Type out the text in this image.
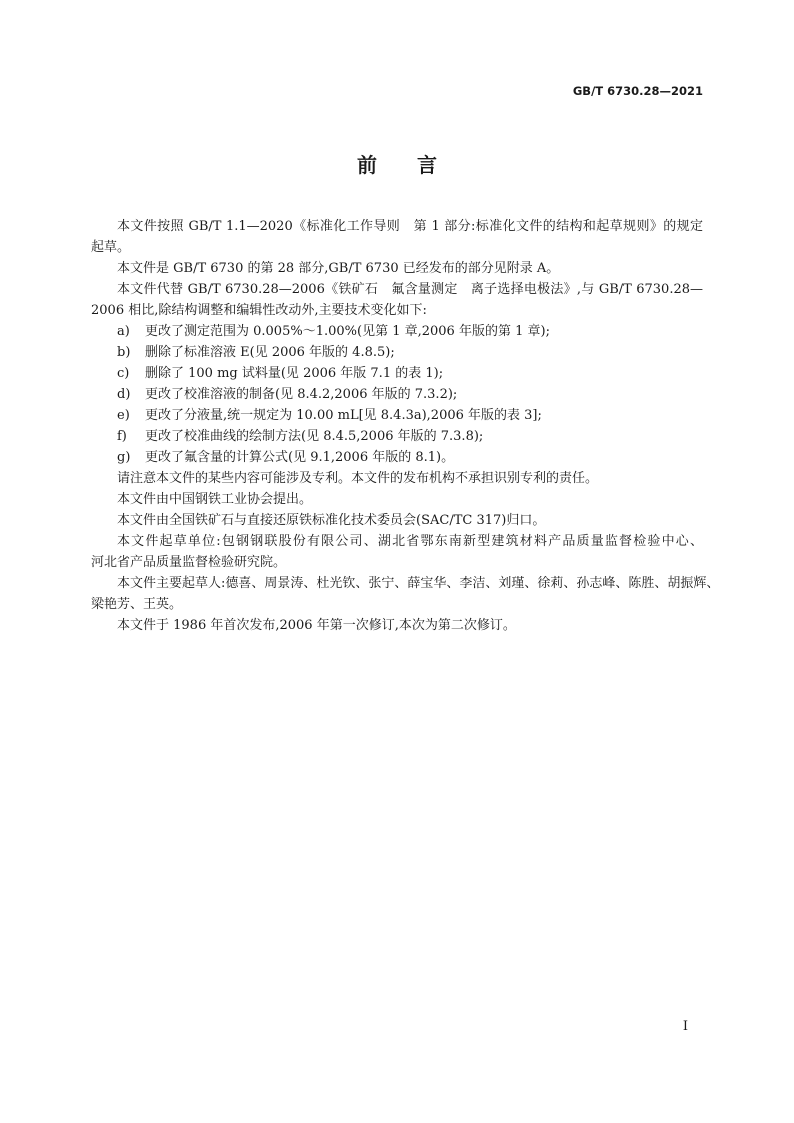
GB/T 6730.28—2021
前　言
本文件按照 GB/T 1.1—2020《标准化工作导则　第 1 部分:标准化文件的结构和起草规则》的规定
起草。
本文件是 GB/T 6730 的第 28 部分,GB/T 6730 已经发布的部分见附录 A。
本文件代替 GB/T 6730.28—2006《铁矿石　氟含量测定　离子选择电极法》,与 GB/T 6730.28—
2006 相比,除结构调整和编辑性改动外,主要技术变化如下:
a) 更改了测定范围为 0.005%～1.00%(见第 1 章,2006 年版的第 1 章);
b) 删除了标准溶液 E(见 2006 年版的 4.8.5);
c) 删除了 100 mg 试料量(见 2006 年版 7.1 的表 1);
d) 更改了校准溶液的制备(见 8.4.2,2006 年版的 7.3.2);
e) 更改了分液量,统一规定为 10.00 mL[见 8.4.3a),2006 年版的表 3];
f) 更改了校准曲线的绘制方法(见 8.4.5,2006 年版的 7.3.8);
g) 更改了氟含量的计算公式(见 9.1,2006 年版的 8.1)。
请注意本文件的某些内容可能涉及专利。本文件的发布机构不承担识别专利的责任。
本文件由中国钢铁工业协会提出。
本文件由全国铁矿石与直接还原铁标准化技术委员会(SAC/TC 317)归口。
本文件起草单位:包钢钢联股份有限公司、湖北省鄂东南新型建筑材料产品质量监督检验中心、
河北省产品质量监督检验研究院。
本文件主要起草人:德喜、周景涛、杜光钦、张宁、薛宝华、李洁、刘瑾、徐莉、孙志峰、陈胜、胡振辉、
梁艳芳、王英。
本文件于 1986 年首次发布,2006 年第一次修订,本次为第二次修订。
I
